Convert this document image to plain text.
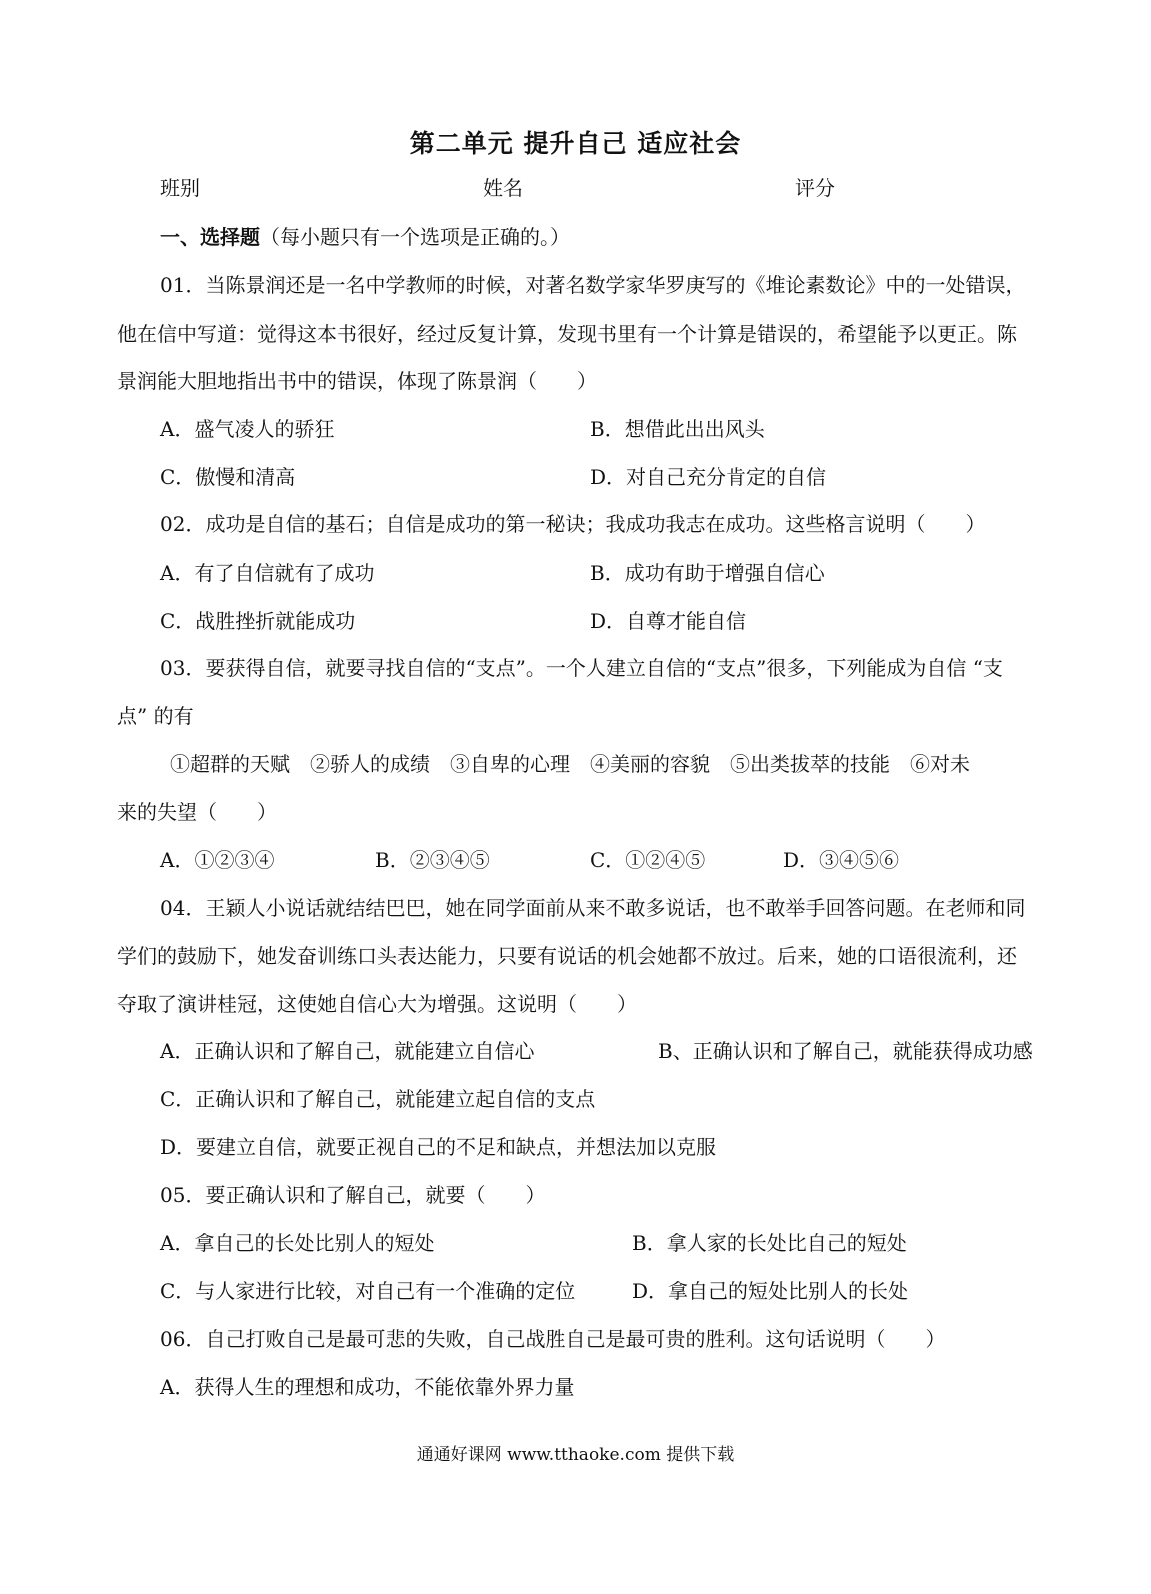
第二单元 提升自己 适应社会
班别	姓名	评分
一、选择题（每小题只有一个选项是正确的。）
01．当陈景润还是一名中学教师的时候，对著名数学家华罗庚写的《堆论素数论》中的一处错误，
他在信中写道：觉得这本书很好，经过反复计算，发现书里有一个计算是错误的，希望能予以更正。陈
景润能大胆地指出书中的错误，体现了陈景润（　　）
A．盛气凌人的骄狂	B．想借此出出风头
C．傲慢和清高	D．对自己充分肯定的自信
02．成功是自信的基石；自信是成功的第一秘诀；我成功我志在成功。这些格言说明（　　）
A．有了自信就有了成功	B．成功有助于增强自信心
C．战胜挫折就能成功	D．自尊才能自信
03．要获得自信，就要寻找自信的“支点”。一个人建立自信的“支点”很多，下列能成为自信 “支
点” 的有
①超群的天赋　②骄人的成绩　③自卑的心理　④美丽的容貌　⑤出类拔萃的技能　⑥对未
来的失望（　　）
A．①②③④	B．②③④⑤	C．①②④⑤	D．③④⑤⑥
04．王颖人小说话就结结巴巴，她在同学面前从来不敢多说话，也不敢举手回答问题。在老师和同
学们的鼓励下，她发奋训练口头表达能力，只要有说话的机会她都不放过。后来，她的口语很流利，还
夺取了演讲桂冠，这使她自信心大为增强。这说明（　　）
A．正确认识和了解自己，就能建立自信心	B、正确认识和了解自己，就能获得成功感
C．正确认识和了解自己，就能建立起自信的支点
D．要建立自信，就要正视自己的不足和缺点，并想法加以克服
05．要正确认识和了解自己，就要（　　）
A．拿自己的长处比别人的短处	B．拿人家的长处比自己的短处
C．与人家进行比较，对自己有一个准确的定位	D．拿自己的短处比别人的长处
06．自己打败自己是最可悲的失败，自己战胜自己是最可贵的胜利。这句话说明（　　）
A．获得人生的理想和成功，不能依靠外界力量
通通好课网 www.tthaoke.com 提供下载
